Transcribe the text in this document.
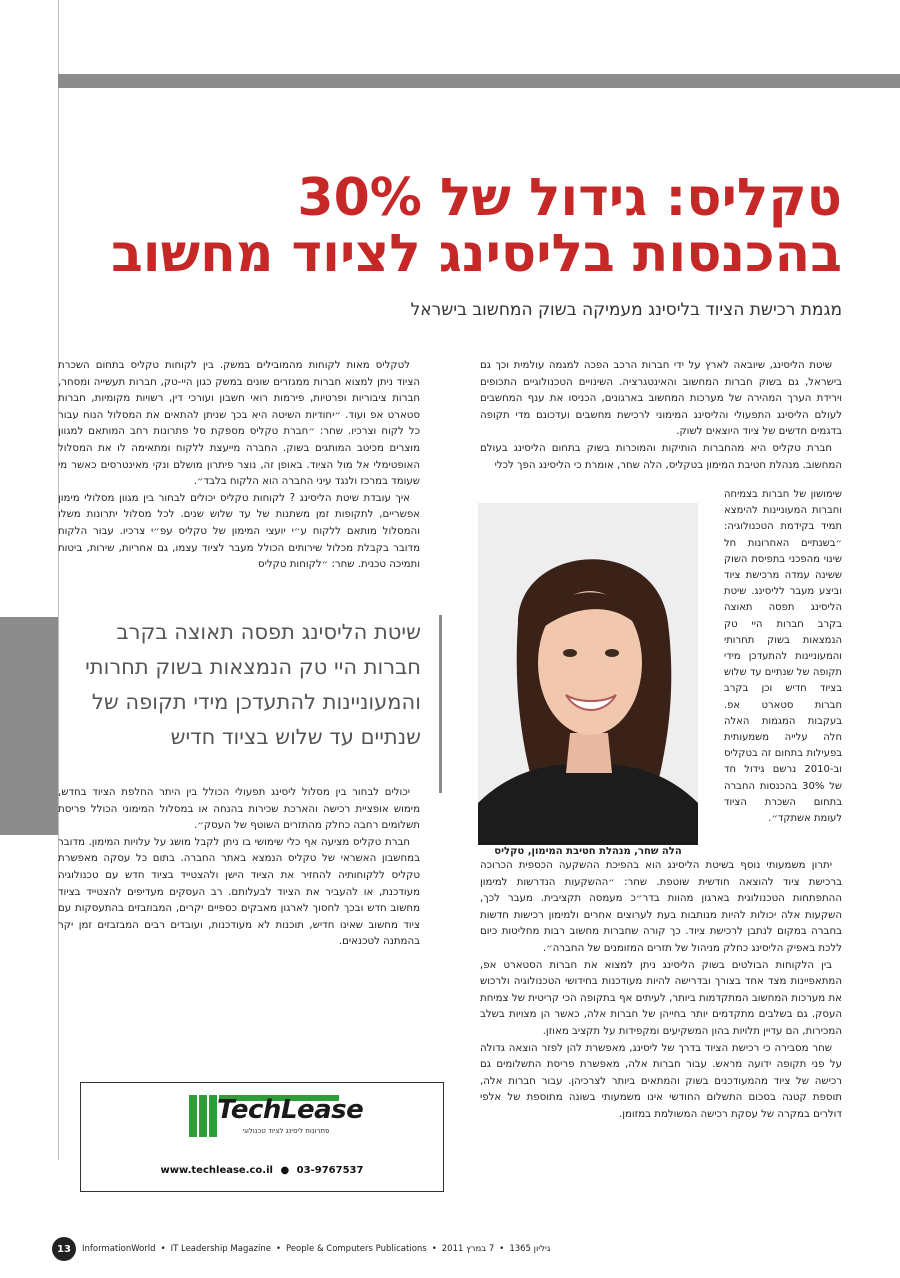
טקליס: גידול של 30%
בהכנסות בליסינג לציוד מחשוב
מגמת רכישת הציוד בליסינג מעמיקה בשוק המחשוב בישראל

שיטת הליסינג, שיובאה לארץ על ידי חברות הרכב הפכה למגמה עולמית וכך גם בישראל, גם בשוק חברות המחשוב והאינטגרציה. השינויים הטכנולוגיים התכופים וירידת הערך המהירה של מערכות המחשוב בארגונים, הכניסו את ענף המחשבים לעולם הליסינג התפעולי והליסינג המימוני לרכישת מחשבים ועדכונם מדי תקופה בדגמים חדשים של ציוד היוצאים לשוק.

חברת טקליס היא מהחברות הותיקות והמוכרות בשוק בתחום הליסינג בעולם המחשוב. מנהלת חטיבת המימון בטקליס, הלה שחר, אומרת כי הליסינג הפך לכלי

שימושון של חברות בצמיחה וחברות המעוניינות להימצא תמיד בקידמת הטכנולוגיה: ״בשנתיים האחרונות חל שינוי מהפכני בתפיסת השוק ששינה עמדה מרכישת ציוד וביצע מעבר לליסינג. שיטת הליסינג תפסה תאוצה בקרב חברות היי טק הנמצאות בשוק תחרותי והמעוניינות להתעדכן מידי תקופה של שנתיים עד שלוש בציוד חדיש וכן בקרב חברות סטארט אפ. בעקבות המגמות האלה חלה עלייה משמעותית בפעילות בתחום זה בטקליס וב-2010 נרשם גידול חד של 30% בהכנסות החברה בתחום השכרת הציוד לעומת אשתקד״.

הלה שחר, מנהלת חטיבת המימון, טקליס

יתרון משמעותי נוסף בשיטת הליסינג הוא בהפיכת ההשקעה הכספית הכרוכה ברכישת ציוד להוצאה חודשית שוטפת. שחר: ״ההשקעות הנדרשות למימון ההתפתחות הטכנולוגית בארגון מהוות בדר״כ מעמסה תקציבית. מעבר לכך, השקעות אלה יכולות להיות מנותבות בעת לערוצים אחרים ולמימון רכישות חדשות בחברה במקום לנתבן לרכישת ציוד. כך קורה שחברות מחשוב רבות מחליטות כיום ללכת באפיק הליסינג כחלק מניהול של תזרים המזומנים של החברה״.

בין הלקוחות הבולטים בשוק הליסינג ניתן למצוא את חברות הסטארט אפ, המתאפיינות מצד אחד בצורך ובדרישה להיות מעודכנות בחידושי הטכנולוגיה ולרכוש את מערכות המחשוב המתקדמות ביותר, לעיתים אף בתקופה הכי קריטית של צמיחת העסק. גם בשלבים מתקדמים יותר בחייהן של חברות אלה, כאשר הן מצויות בשלב המכירות, הם עדיין תלויות בהון המשקיעים ומקפידות על תקציב מאוזן.

שחר מסבירה כי רכישת הציוד בדרך של ליסינג, מאפשרת להן לפזר הוצאה גדולה על פני תקופה ידועה מראש. עבור חברות אלה, מאפשרת פריסת התשלומים גם רכישה של ציוד מהמעודכנים בשוק והמתאים ביותר לצרכיהן. עבור חברות אלה, תוספת קטנה בסכום התשלום החודשי אינו משמעותי בשונה מתוספת של אלפי דולרים במקרה של עסקת רכישה המשולמת במזומן.

לטקליס מאות לקוחות מהמובילים במשק. בין לקוחות טקליס בתחום השכרת הציוד ניתן למצוא חברות ממגזרים שונים במשק כגון היי-טק, חברות תעשייה ומסחר, חברות ציבוריות ופרטיות, פירמות רואי חשבון ועורכי דין, רשויות מקומיות, חברות סטארט אפ ועוד. ״יחודיות השיטה היא בכך שניתן להתאים את המסלול הנוח עבור כל לקוח וצרכיו. שחר: ״חברת טקליס מספקת סל פתרונות רחב המותאם למגוון מוצרים מכיטב המותגים בשוק. החברה מייעצת ללקוח ומתאימה לו את המסלול האופטימלי אל מול הציוד. באופן זה, נוצר פיתרון מושלם ונקי מאינטרסים כאשר מי שעומד במרכז ולנגד עיני החברה הוא הלקוח בלבד״.

איך עובדת שיטת הליסינג ? לקוחות טקליס יכולים לבחור בין מגוון מסלולי מימון אפשריים, לתקופות זמן משתנות של עד שלוש שנים. לכל מסלול יתרונות משלו והמסלול מותאם ללקוח ע״י יועצי המימון של טקליס עפ״י צרכיו. עבור הלקוח מדובר בקבלת מכלול שירותים הכולל מעבר לציוד עצמו, גם אחריות, שירות, ביטוח ותמיכה טכנית. שחר: ״לקוחות טקליס

שיטת הליסינג תפסה תאוצה בקרב חברות היי טק הנמצאות בשוק תחרותי והמעוניינות להתעדכן מידי תקופה של שנתיים עד שלוש בציוד חדיש

יכולים לבחור בין מסלול ליסינג תפעולי הכולל בין היתר החלפת הציוד בחדש, מימוש אופציית רכישה והארכת שכירות בהנחה או במסלול המימוני הכולל פריסת תשלומים רחבה כחלק מהתזרים השוטף של העסק״.

חברת טקליס מציעה אף כלי שימושי בו ניתן לקבל מושג על עלויות המימון. מדובר במחשבון האשראי של טקליס הנמצא באתר החברה. בתום כל עסקה מאפשרת טקליס ללקוחותיה להחזיר את הציוד הישן ולהצטייד בציוד חדש עם טכנולוגיה מעודכנת, או להעביר את הציוד לבעלותם. רב העסקים מעדיפים להצטייד בציוד מחשוב חדש ובכך לחסוך לארגון מאבקים כספיים יקרים, המבוזבזים בהתעסקות עם ציוד מחשוב שאינו חדיש, תוכנות לא מעודכנות, ועובדים רבים המבזבזים זמן יקר בהמתנה לטכנאים.

TechLease
פתרונות ליסינג לציוד טכנולוגי
www.techlease.co.il ● 03-9767537
13	InformationWorld • IT Leadership Magazine • People & Computers Publications • 7 במרץ 2011 • גיליון 1365
